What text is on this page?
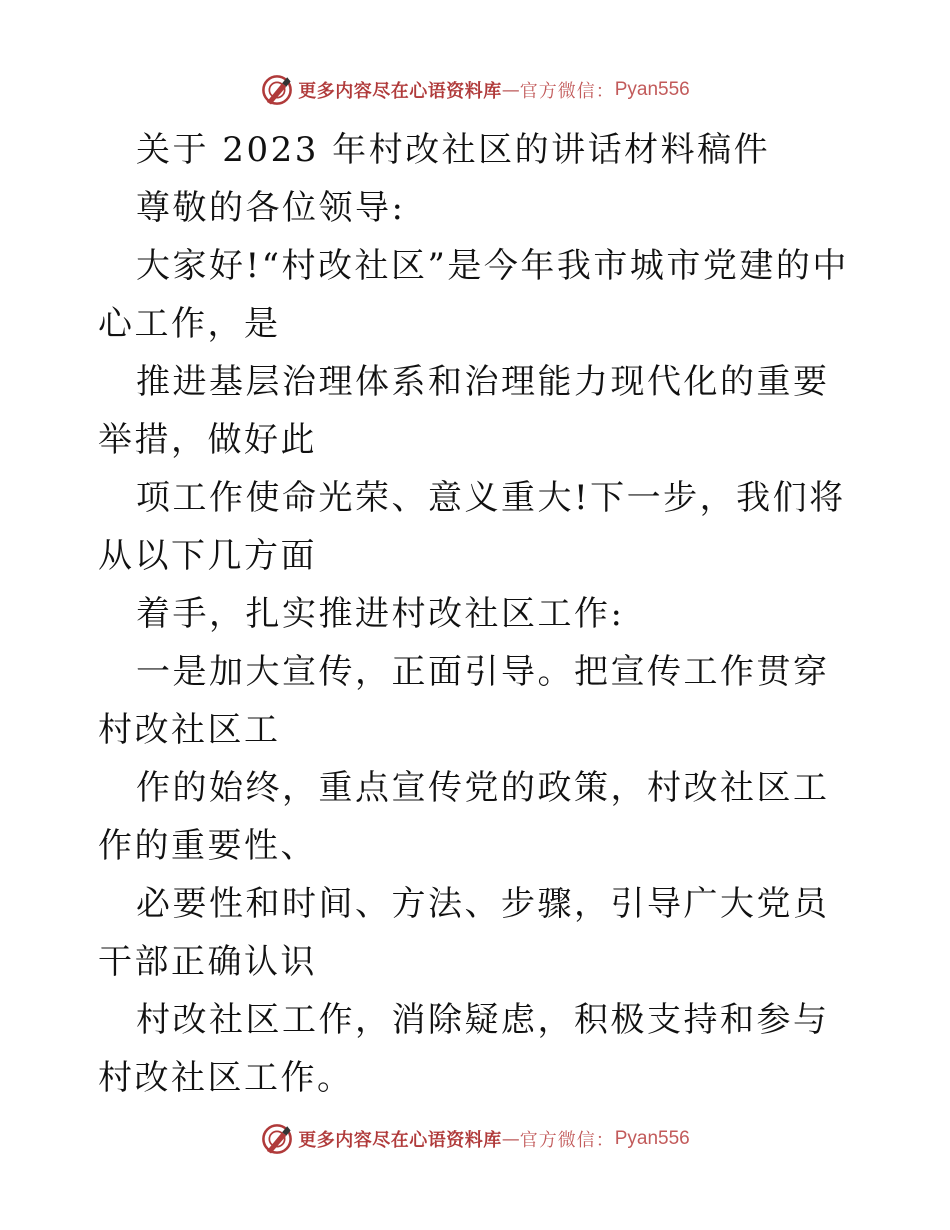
更多内容尽在心语资料库 — 官方微信： Pyan556

关于 2023 年村改社区的讲话材料稿件

尊敬的各位领导:

大家好!“村改社区”是今年我市城市党建的中心工作，是

推进基层治理体系和治理能力现代化的重要举措，做好此

项工作使命光荣、意义重大!下一步，我们将从以下几方面

着手，扎实推进村改社区工作:

一是加大宣传，正面引导。把宣传工作贯穿村改社区工

作的始终，重点宣传党的政策，村改社区工作的重要性、

必要性和时间、方法、步骤，引导广大党员干部正确认识

村改社区工作，消除疑虑，积极支持和参与村改社区工作。

更多内容尽在心语资料库 — 官方微信： Pyan556
